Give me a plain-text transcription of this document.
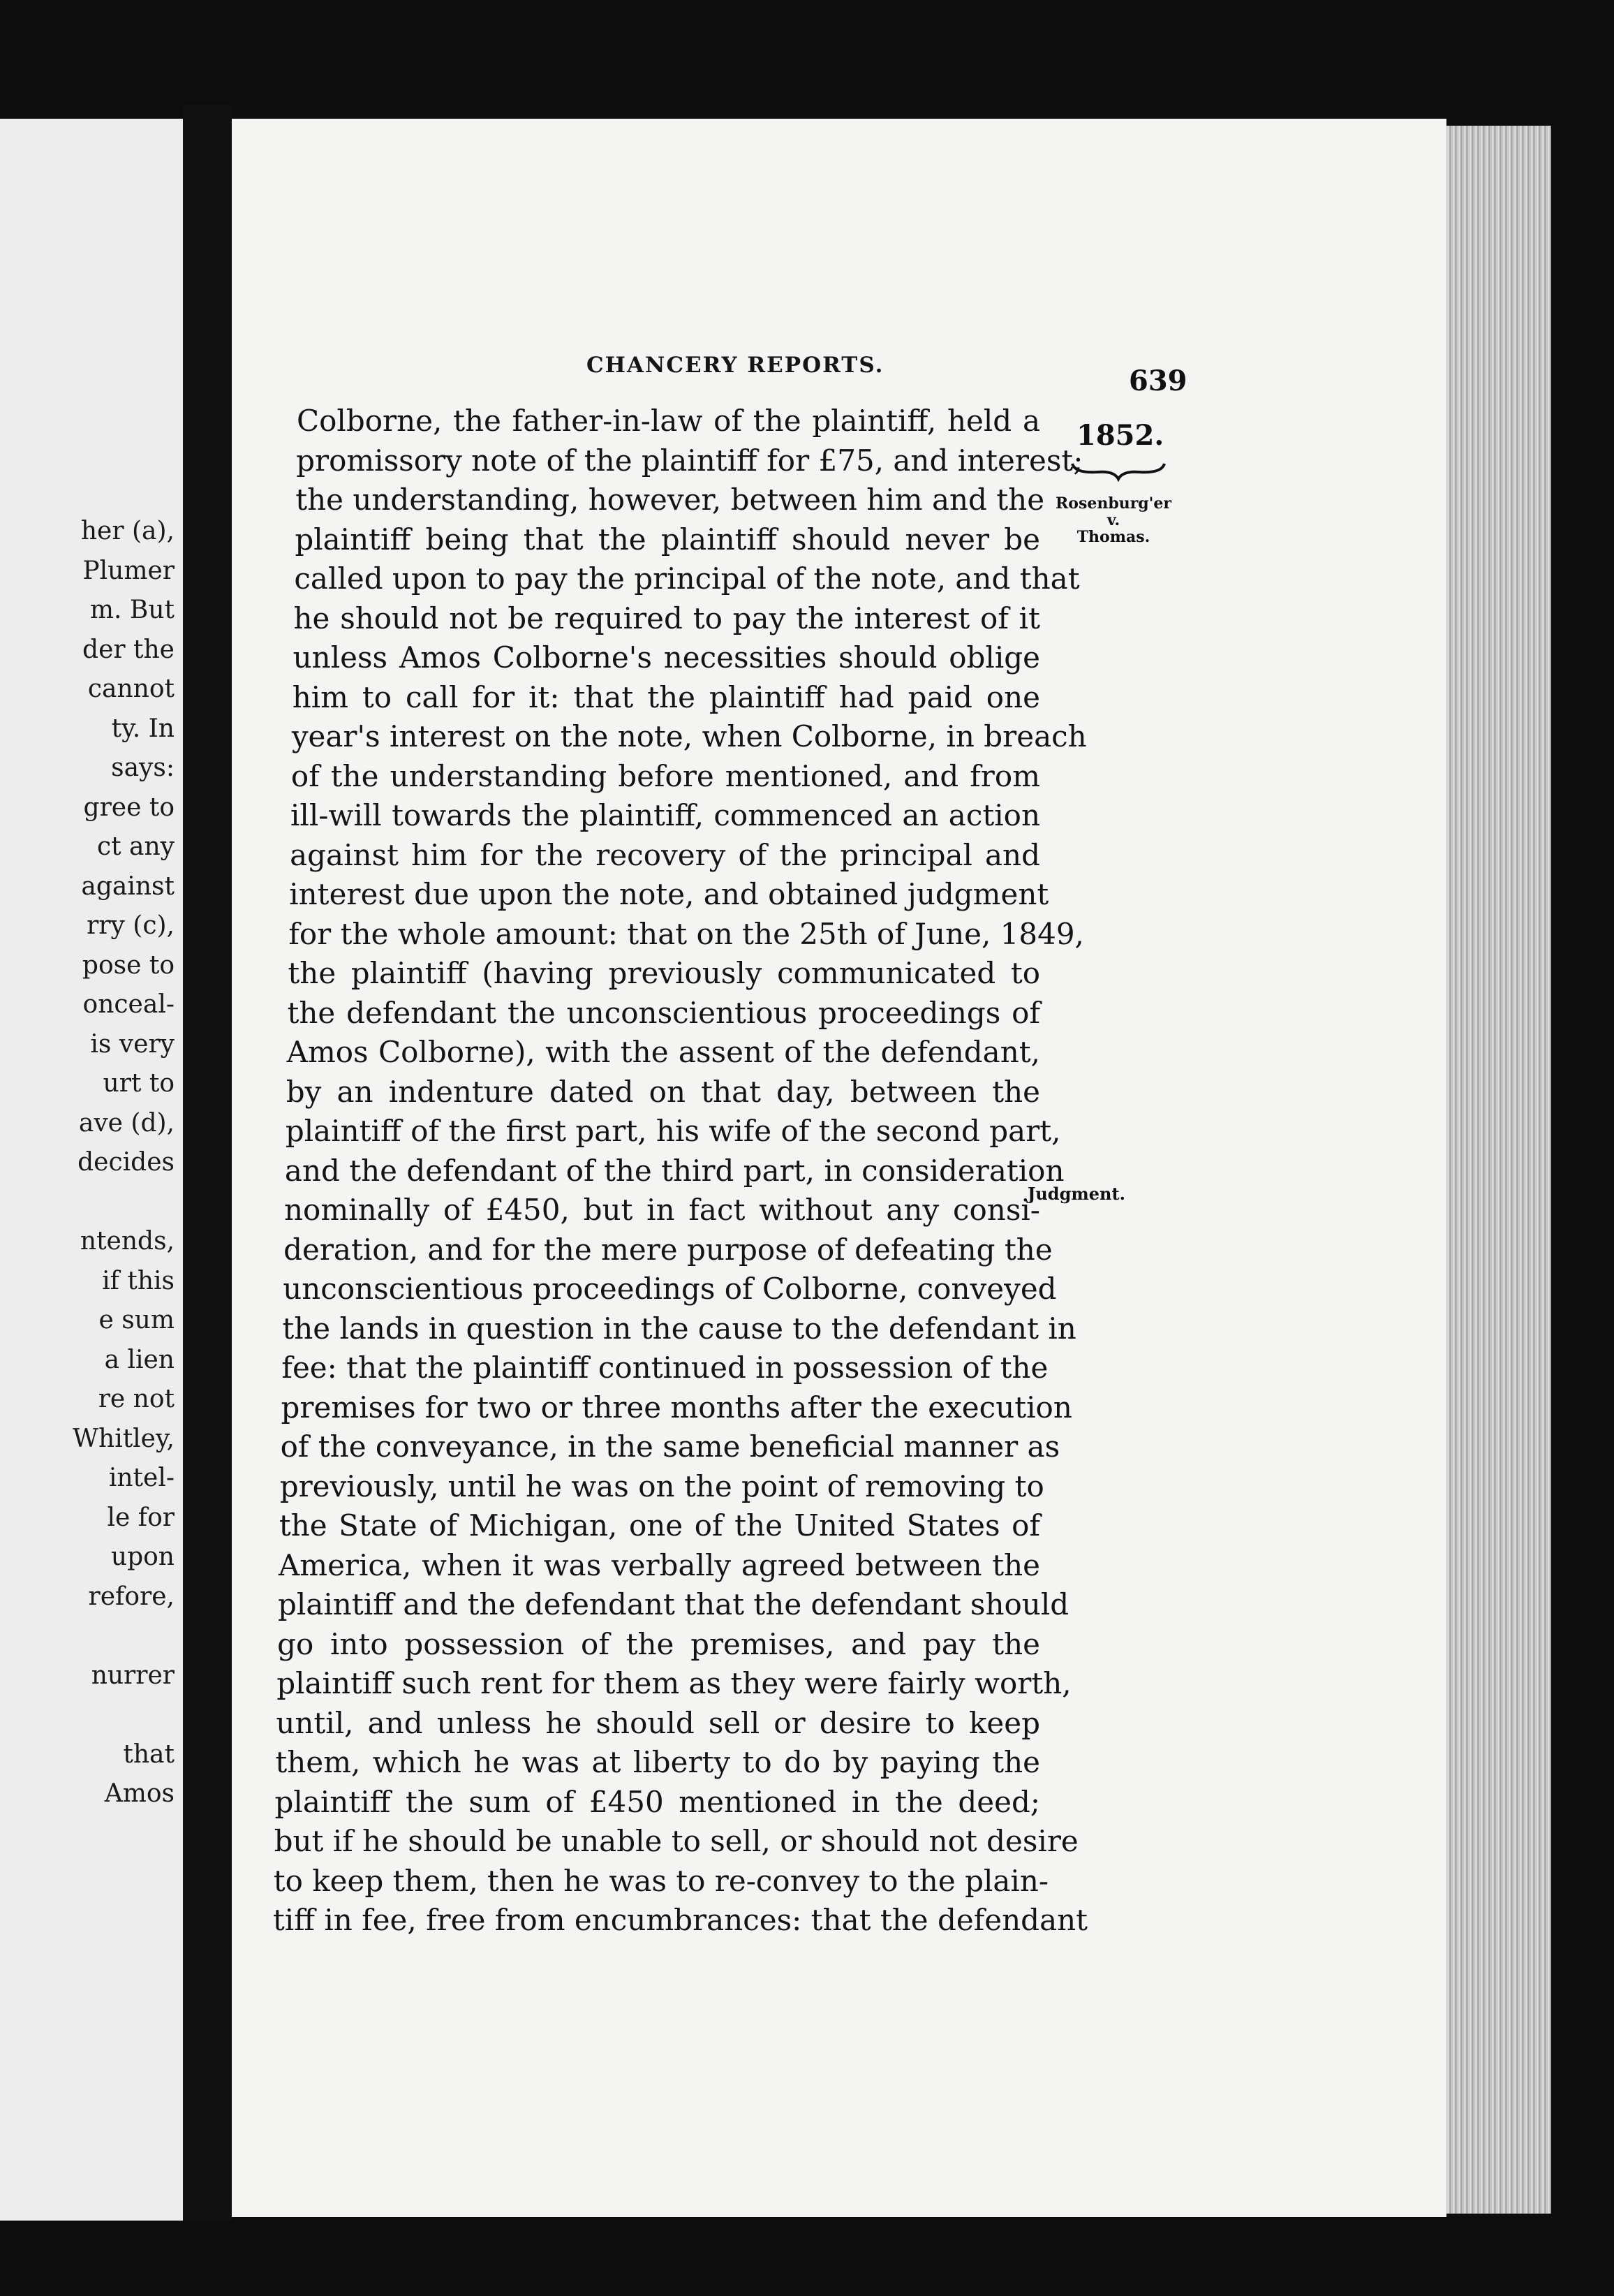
her (a),
Plumer
m. But
der the
cannot
ty. In
says:
gree to
ct any
against
rry (c),
pose to
onceal-
is very
urt to
ave (d),
decides
ntends,
if this
e sum
a lien
re not
Whitley,
intel-
le for
upon
refore,
nurrer
that
Amos
CHANCERY REPORTS.	639
1852.
Rosenburg'er
v.
Thomas.
Judgment.
Colborne, the father-in-law of the plaintiff, held a
promissory note of the plaintiff for £75, and interest;
the understanding, however, between him and the
plaintiff being that the plaintiff should never be
called upon to pay the principal of the note, and that
he should not be required to pay the interest of it
unless Amos Colborne's necessities should oblige
him to call for it: that the plaintiff had paid one
year's interest on the note, when Colborne, in breach
of the understanding before mentioned, and from
ill-will towards the plaintiff, commenced an action
against him for the recovery of the principal and
interest due upon the note, and obtained judgment
for the whole amount: that on the 25th of June, 1849,
the plaintiff (having previously communicated to
the defendant the unconscientious proceedings of
Amos Colborne), with the assent of the defendant,
by an indenture dated on that day, between the
plaintiff of the first part, his wife of the second part,
and the defendant of the third part, in consideration
nominally of £450, but in fact without any consi-
deration, and for the mere purpose of defeating the
unconscientious proceedings of Colborne, conveyed
the lands in question in the cause to the defendant in
fee: that the plaintiff continued in possession of the
premises for two or three months after the execution
of the conveyance, in the same beneficial manner as
previously, until he was on the point of removing to
the State of Michigan, one of the United States of
America, when it was verbally agreed between the
plaintiff and the defendant that the defendant should
go into possession of the premises, and pay the
plaintiff such rent for them as they were fairly worth,
until, and unless he should sell or desire to keep
them, which he was at liberty to do by paying the
plaintiff the sum of £450 mentioned in the deed;
but if he should be unable to sell, or should not desire
to keep them, then he was to re-convey to the plain-
tiff in fee, free from encumbrances: that the defendant
